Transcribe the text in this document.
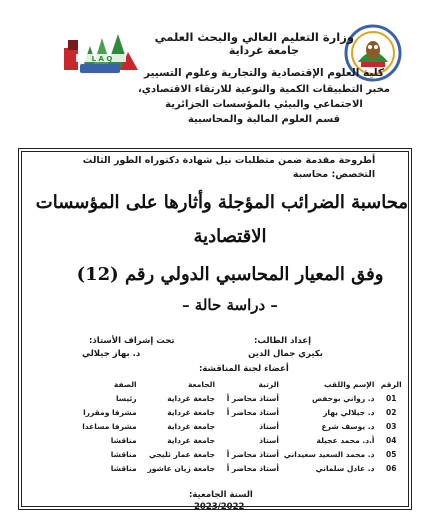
L A Q
وزارة التعليم العالي والبحث العلمي
جامعة غرداية
كلية العلوم الإقتصادية والتجارية وعلوم التسيير
مخبر التطبيقات الكمية والنوعية للارتقاء الاقتصادي،
الاجتماعي والبيئي بالمؤسسات الجزائرية
قسم العلوم المالية والمحاسبية
أطروحة مقدمة ضمن متطلبات نيل شهادة دكتوراه الطور الثالث
التخصص: محاسبة
محاسبة الضرائب المؤجلة وأثارها على المؤسسات
الاقتصادية
وفق المعيار المحاسبي الدولي رقم (12)
– دراسة حالة –
إعداد الطالب:
بكيري جمال الدين
تحت إشراف الأستاذ:
د. بهاز جيلالي
أعضاء لجنة المناقشة:
الرقم	الإسم واللقب	الرتبة	الجامعة	الصفة
01	د. رواني بوحفص	أستاذ محاضر أ	جامعة غرداية	رئيسا
02	د. جيلالي بهاز	أستاذ محاضر أ	جامعة غرداية	مشرفا ومقررا
03	د. يوسف شرع	أستاذ	جامعة غرداية	مشرفا مساعدا
04	أ.د. محمد عجيلة	أستاذ	جامعة غرداية	مناقشا
05	د. محمد السعيد سعيداني	أستاذ محاضر أ	جامعة عمار ثليجي	مناقشا
06	د. عادل سلماني	أستاذ محاضر أ	جامعة زيان عاشور	مناقشا
السنة الجامعية:
2023/2022
